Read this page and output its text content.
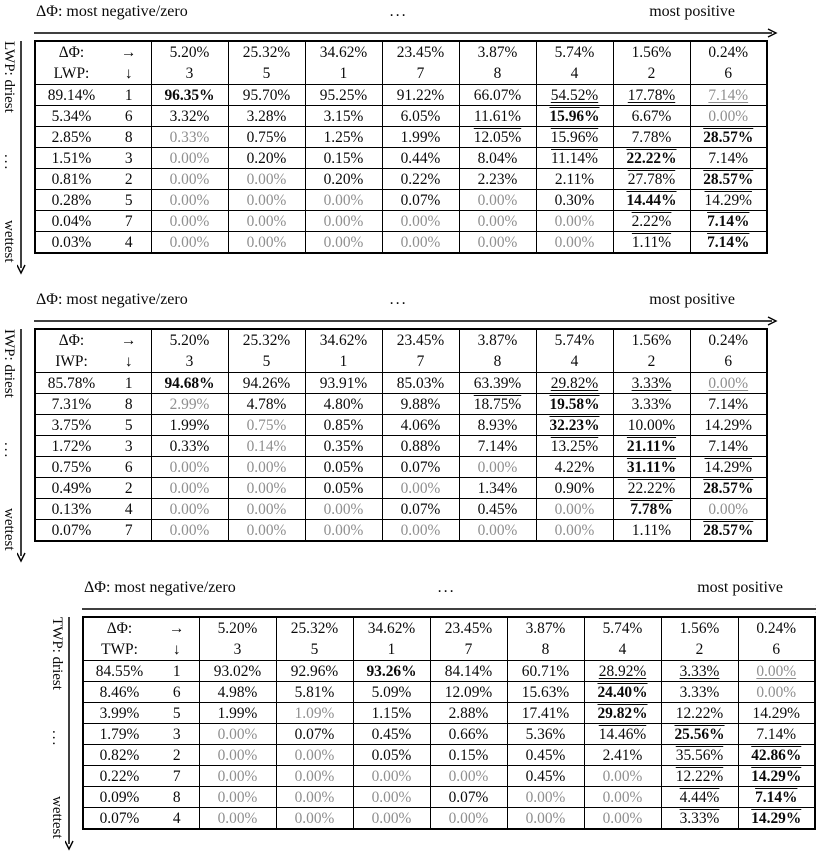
LWP: driest
...
wettest
ΔΦ: most negative/zero	...	most positive
ΔΦ: →	5.20%	25.32%	34.62%	23.45%	3.87%	5.74%	1.56%	0.24%

LWP: ↓	3	5	1	7	8	4	2	6

89.14% 1	96.35%	95.70%	95.25%	91.22%	66.07%	54.52%	17.78%	7.14%

5.34% 6	3.32%	3.28%	3.15%	6.05%	11.61%	15.96%	6.67%	0.00%

2.85% 8	0.33%	0.75%	1.25%	1.99%	12.05%	15.96%	7.78%	28.57%

1.51% 3	0.00%	0.20%	0.15%	0.44%	8.04%	11.14%	22.22%	7.14%

0.81% 2	0.00%	0.00%	0.20%	0.22%	2.23%	2.11%	27.78%	28.57%

0.28% 5	0.00%	0.00%	0.00%	0.07%	0.00%	0.30%	14.44%	14.29%

0.04% 7	0.00%	0.00%	0.00%	0.00%	0.00%	0.00%	2.22%	7.14%

0.03% 4	0.00%	0.00%	0.00%	0.00%	0.00%	0.00%	1.11%	7.14%
IWP: driest
...
wettest
ΔΦ: most negative/zero	...	most positive
ΔΦ: →	5.20%	25.32%	34.62%	23.45%	3.87%	5.74%	1.56%	0.24%

IWP: ↓	3	5	1	7	8	4	2	6

85.78% 1	94.68%	94.26%	93.91%	85.03%	63.39%	29.82%	3.33%	0.00%

7.31% 8	2.99%	4.78%	4.80%	9.88%	18.75%	19.58%	3.33%	7.14%

3.75% 5	1.99%	0.75%	0.85%	4.06%	8.93%	32.23%	10.00%	14.29%

1.72% 3	0.33%	0.14%	0.35%	0.88%	7.14%	13.25%	21.11%	7.14%

0.75% 6	0.00%	0.00%	0.05%	0.07%	0.00%	4.22%	31.11%	14.29%

0.49% 2	0.00%	0.00%	0.05%	0.00%	1.34%	0.90%	22.22%	28.57%

0.13% 4	0.00%	0.00%	0.00%	0.07%	0.45%	0.00%	7.78%	0.00%

0.07% 7	0.00%	0.00%	0.00%	0.00%	0.00%	0.00%	1.11%	28.57%
TWP: driest
...
wettest
ΔΦ: most negative/zero	...	most positive
ΔΦ: →	5.20%	25.32%	34.62%	23.45%	3.87%	5.74%	1.56%	0.24%

TWP: ↓	3	5	1	7	8	4	2	6

84.55% 1	93.02%	92.96%	93.26%	84.14%	60.71%	28.92%	3.33%	0.00%

8.46% 6	4.98%	5.81%	5.09%	12.09%	15.63%	24.40%	3.33%	0.00%

3.99% 5	1.99%	1.09%	1.15%	2.88%	17.41%	29.82%	12.22%	14.29%

1.79% 3	0.00%	0.07%	0.45%	0.66%	5.36%	14.46%	25.56%	7.14%

0.82% 2	0.00%	0.00%	0.05%	0.15%	0.45%	2.41%	35.56%	42.86%

0.22% 7	0.00%	0.00%	0.00%	0.00%	0.45%	0.00%	12.22%	14.29%

0.09% 8	0.00%	0.00%	0.00%	0.07%	0.00%	0.00%	4.44%	7.14%

0.07% 4	0.00%	0.00%	0.00%	0.00%	0.00%	0.00%	3.33%	14.29%
